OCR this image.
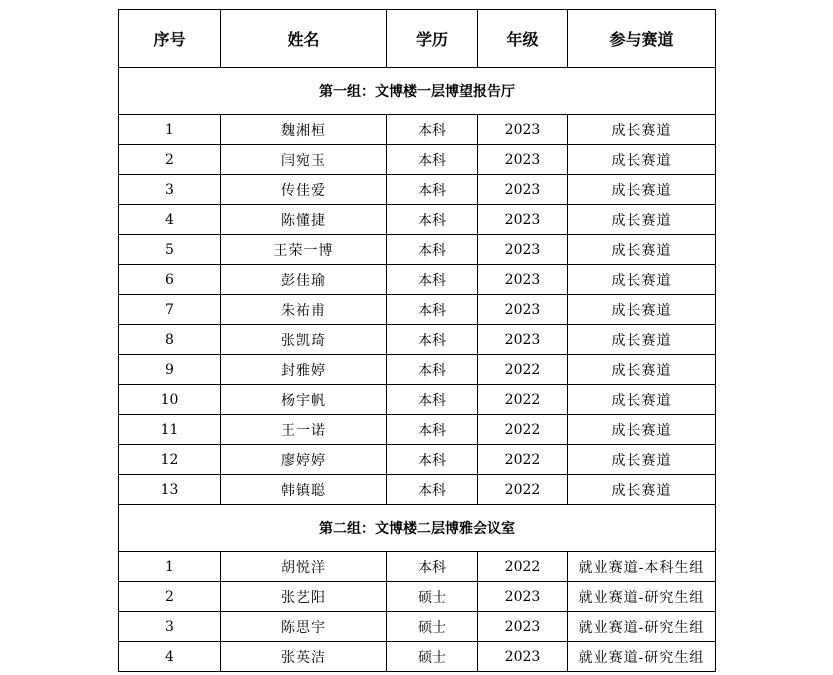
序号	姓名	学历	年级	参与赛道
第一组：文博楼一层博望报告厅				
1	魏湘桓	本科	2023	成长赛道
2	闫宛玉	本科	2023	成长赛道
3	传佳爱	本科	2023	成长赛道
4	陈懂捷	本科	2023	成长赛道
5	王荣一博	本科	2023	成长赛道
6	彭佳瑜	本科	2023	成长赛道
7	朱祐甫	本科	2023	成长赛道
8	张凯琦	本科	2023	成长赛道
9	封雅婷	本科	2022	成长赛道
10	杨宇帆	本科	2022	成长赛道
11	王一诺	本科	2022	成长赛道
12	廖婷婷	本科	2022	成长赛道
13	韩镇聪	本科	2022	成长赛道
第二组：文博楼二层博雅会议室				
1	胡悦洋	本科	2022	就业赛道-本科生组
2	张艺阳	硕士	2023	就业赛道-研究生组
3	陈思宇	硕士	2023	就业赛道-研究生组
4	张英洁	硕士	2023	就业赛道-研究生组
